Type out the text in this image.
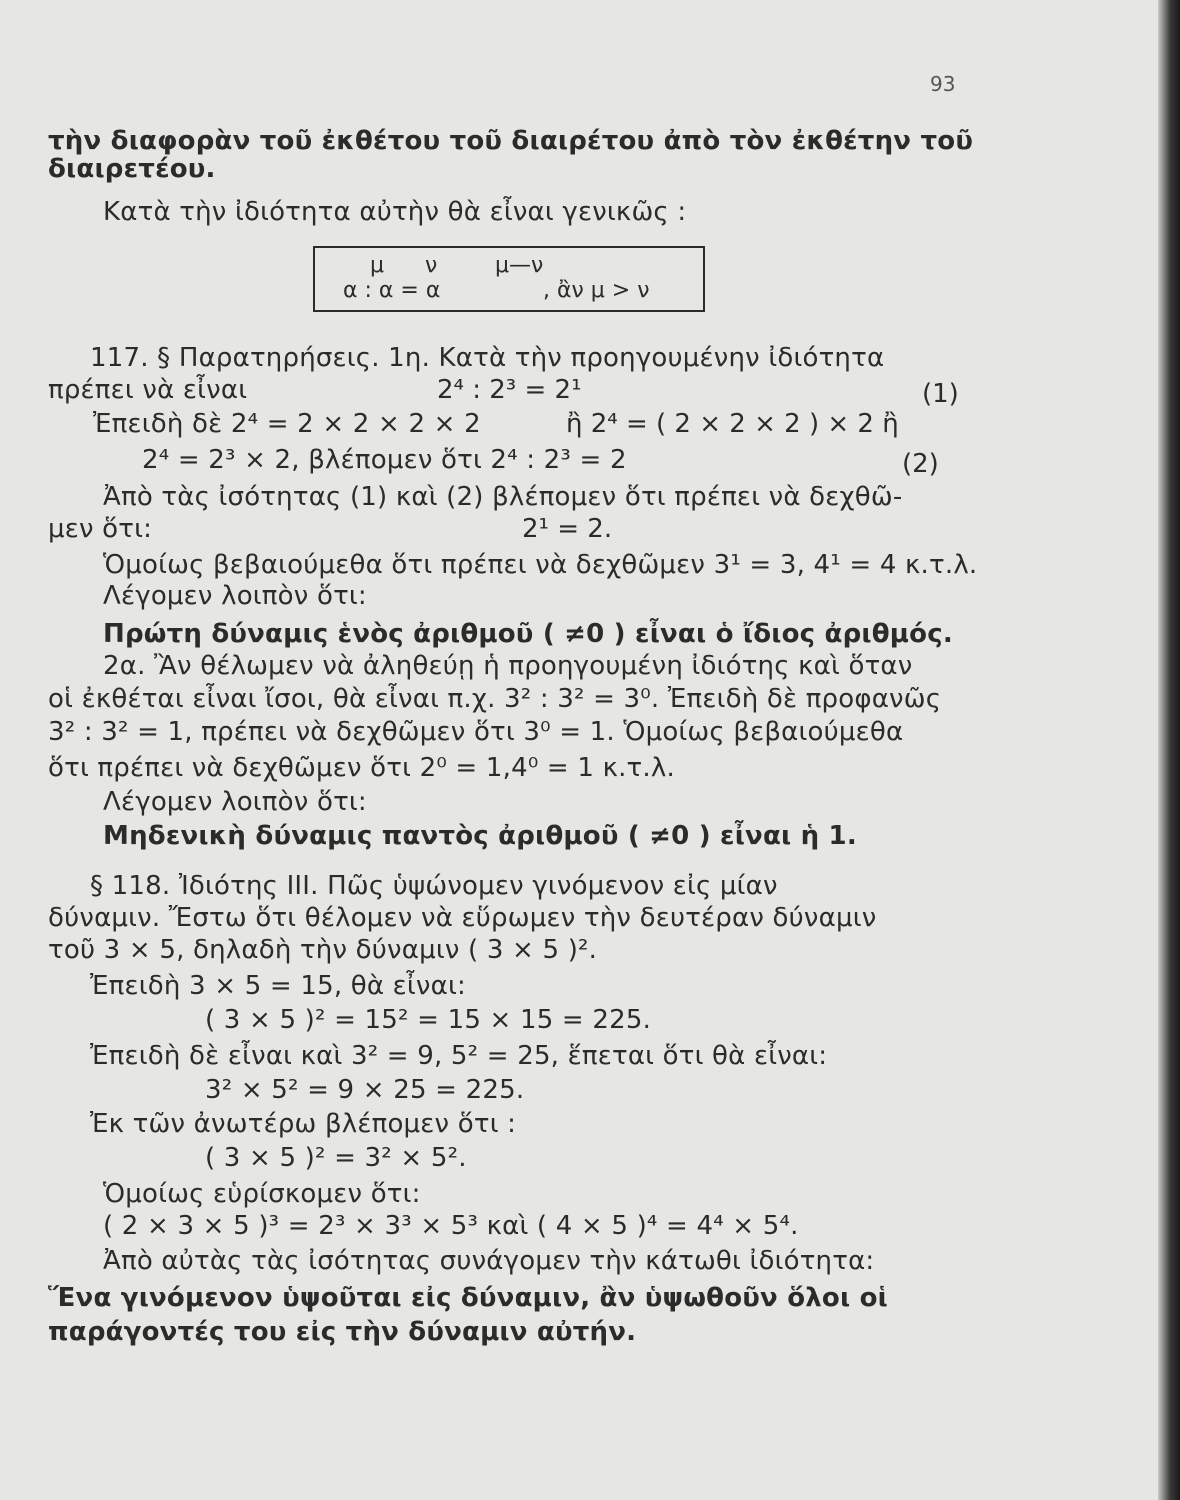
93
τὴν διαφορὰν τοῦ ἐκθέτου τοῦ διαιρέτου ἀπὸ τὸν ἐκθέτην τοῦ
διαιρετέου.
Κατὰ τὴν ἰδιότητα αὐτὴν θὰ εἶναι γενικῶς :
μ ν	μ—ν
α : α = α	, ἂν μ > ν
117. § Παρατηρήσεις. 1η. Κατὰ τὴν προηγουμένην ἰδιότητα
πρέπει νὰ εἶναι	2⁴ : 2³ = 2¹	(1)
Ἐπειδὴ δὲ 2⁴ = 2 × 2 × 2 × 2	ἢ 2⁴ = ( 2 × 2 × 2 ) × 2 ἢ
2⁴ = 2³ × 2, βλέπομεν ὅτι 2⁴ : 2³ = 2	(2)
Ἀπὸ τὰς ἰσότητας (1) καὶ (2) βλέπομεν ὅτι πρέπει νὰ δεχθῶ-
μεν ὅτι:	2¹ = 2.
Ὁμοίως βεβαιούμεθα ὅτι πρέπει νὰ δεχθῶμεν 3¹ = 3, 4¹ = 4 κ.τ.λ.
Λέγομεν λοιπὸν ὅτι:
Πρώτη δύναμις ἑνὸς ἀριθμοῦ ( ≠0 ) εἶναι ὁ ἴδιος ἀριθμός.
2α. Ἂν θέλωμεν νὰ ἀληθεύῃ ἡ προηγουμένη ἰδιότης καὶ ὅταν
οἱ ἐκθέται εἶναι ἴσοι, θὰ εἶναι π.χ. 3² : 3² = 3⁰. Ἐπειδὴ δὲ προφανῶς
3² : 3² = 1, πρέπει νὰ δεχθῶμεν ὅτι 3⁰ = 1. Ὁμοίως βεβαιούμεθα
ὅτι πρέπει νὰ δεχθῶμεν ὅτι 2⁰ = 1,4⁰ = 1 κ.τ.λ.
Λέγομεν λοιπὸν ὅτι:
Μηδενικὴ δύναμις παντὸς ἀριθμοῦ ( ≠0 ) εἶναι ἡ 1.
§ 118. Ἰδιότης III. Πῶς ὑψώνομεν γινόμενον εἰς μίαν
δύναμιν. Ἔστω ὅτι θέλομεν νὰ εὕρωμεν τὴν δευτέραν δύναμιν
τοῦ 3 × 5, δηλαδὴ τὴν δύναμιν ( 3 × 5 )².
Ἐπειδὴ 3 × 5 = 15, θὰ εἶναι:
( 3 × 5 )² = 15² = 15 × 15 = 225.
Ἐπειδὴ δὲ εἶναι καὶ 3² = 9, 5² = 25, ἕπεται ὅτι θὰ εἶναι:
3² × 5² = 9 × 25 = 225.
Ἐκ τῶν ἀνωτέρω βλέπομεν ὅτι :
( 3 × 5 )² = 3² × 5².
Ὁμοίως εὑρίσκομεν ὅτι:
( 2 × 3 × 5 )³ = 2³ × 3³ × 5³ καὶ ( 4 × 5 )⁴ = 4⁴ × 5⁴.
Ἀπὸ αὐτὰς τὰς ἰσότητας συνάγομεν τὴν κάτωθι ἰδιότητα:
Ἕνα γινόμενον ὑψοῦται εἰς δύναμιν, ἂν ὑψωθοῦν ὅλοι οἱ
παράγοντές του εἰς τὴν δύναμιν αὐτήν.
